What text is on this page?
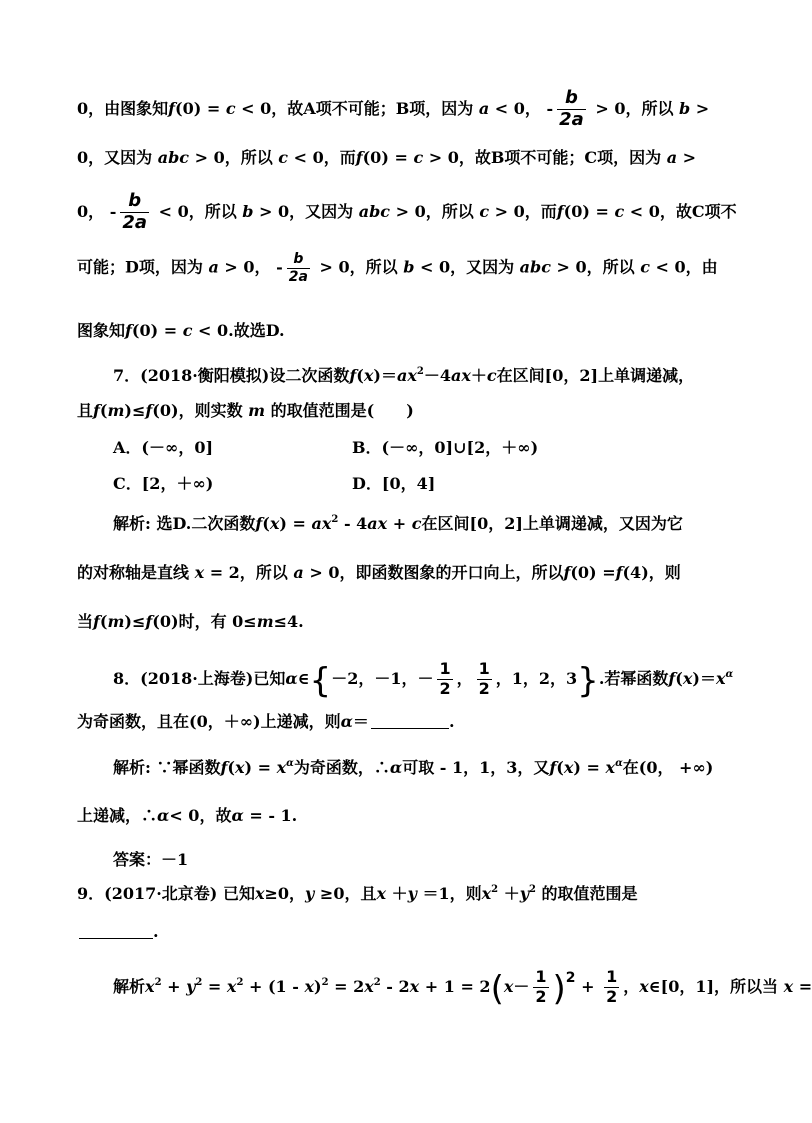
0，由图象知f(0) = c < 0，故A项不可能；B项，因为 a < 0， - $\frac{b}{2a} > 0$，所以 b >
0，又因为 abc > 0，所以 c < 0，而f(0) = c > 0，故B项不可能；C项，因为 a >
0， - $\frac{b}{2a} < 0$，所以 b > 0，又因为 abc > 0，所以 c > 0，而f(0) = c < 0，故C项不
可能；D项，因为 a > 0， - $\frac{b}{2a} > 0$，所以 b < 0，又因为 abc > 0，所以 c < 0，由
图象知f(0) = c < 0.故选D.
7．(2018·衡阳模拟)设二次函数$f(x)=ax^2-4ax+c$在区间[0，2]上单调递减，
且f(m)≤f(0)，则实数 m 的取值范围是(　　)
A．(－∞，0]	B．(－∞，0]∪[2，＋∞)
C．[2，＋∞)	D．[0，4]
解析: 选D.二次函数$f(x) = ax^2 - 4ax + c$在区间[0，2]上单调递减，又因为它
的对称轴是直线 x = 2，所以 a > 0，即函数图象的开口向上，所以f(0) =f(4)，则
当f(m)≤f(0)时，有 0≤m≤4.
8．(2018·上海卷)已知α∈{－2，－1，－ $\frac{1}{2}$ ， $\frac{1}{2}$ ，1，2，3}.若幂函数$f(x)=x^\alpha$
为奇函数，且在(0，＋∞)上递减，则α＝	.
解析: ∵幂函数$f(x) = x^\alpha$为奇函数，∴α可取 - 1，1，3，又$f(x) = x^\alpha$在(0， +∞)
上递减，∴α< 0，故α = - 1.
答案：－1
9．(2017·北京卷) 已知x≥0，y ≥0，且x ＋y ＝1，则$x^2 +y^2$ 的取值范围是
.
解析$x^2 + y^2 = x^2 + (1 - x)^2 = 2x^2 - 2x + 1 = 2(x- \frac{1}{2} )^2 + \frac{1}{2}$ ，x∈[0，1]，所以当 x =
